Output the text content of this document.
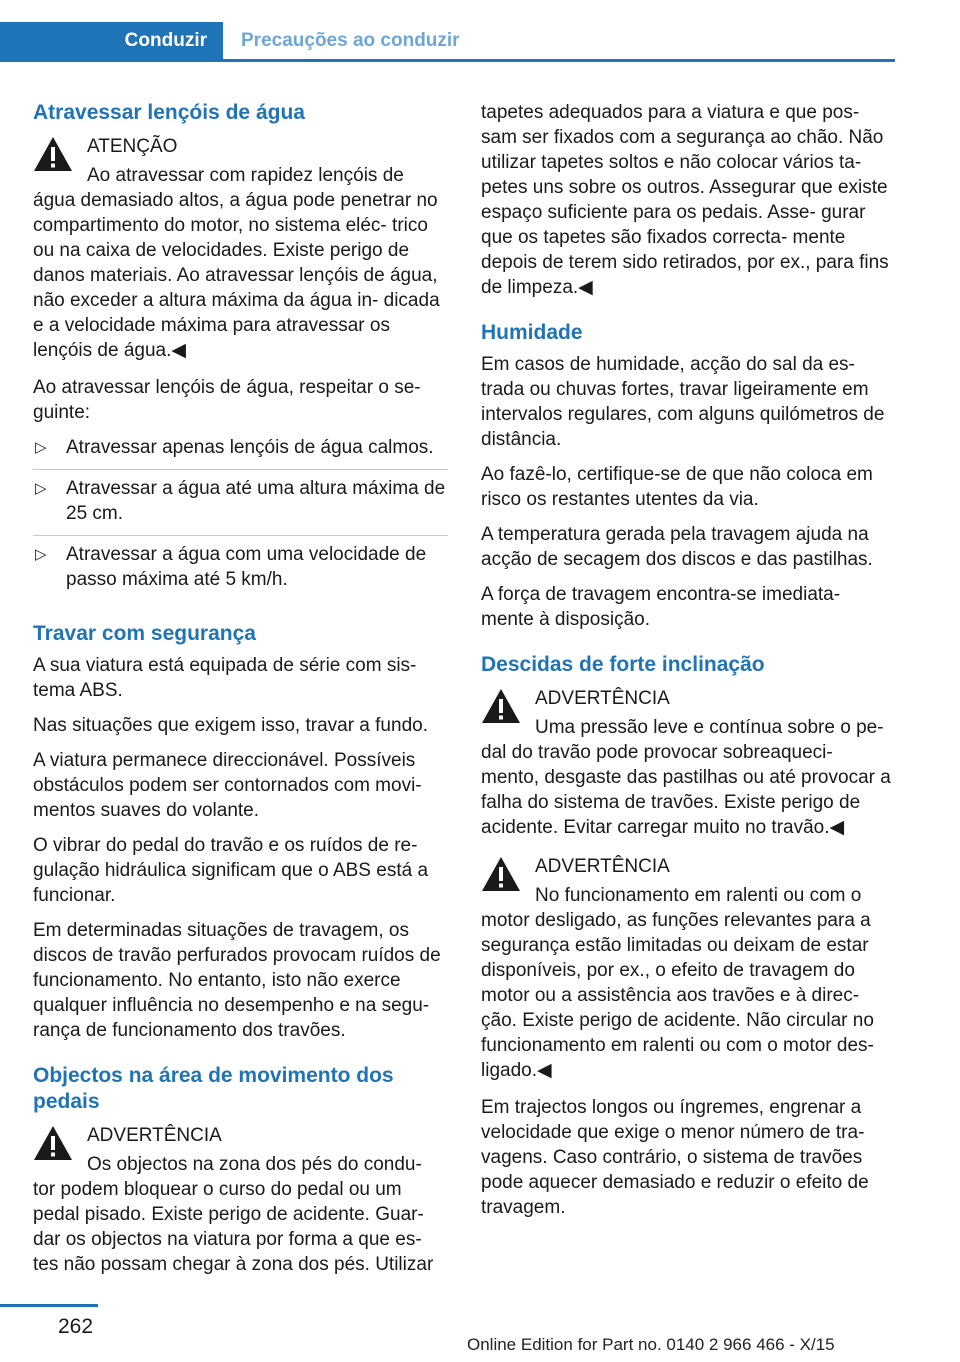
Conduzir	Precauções ao conduzir
Atravessar lençóis de água
ATENÇÃO
Ao atravessar com rapidez lençóis de água demasiado altos, a água pode penetrar no compartimento do motor, no sistema eléc- trico ou na caixa de velocidades. Existe perigo de danos materiais. Ao atravessar lençóis de água, não exceder a altura máxima da água in- dicada e a velocidade máxima para atravessar os lençóis de água.◀
Ao atravessar lençóis de água, respeitar o se- guinte:
▷ Atravessar apenas lençóis de água calmos.
▷ Atravessar a água até uma altura máxima de 25 cm.
▷ Atravessar a água com uma velocidade de passo máxima até 5 km/h.
Travar com segurança
A sua viatura está equipada de série com sis- tema ABS.
Nas situações que exigem isso, travar a fundo.
A viatura permanece direccionável. Possíveis obstáculos podem ser contornados com movi- mentos suaves do volante.
O vibrar do pedal do travão e os ruídos de re- gulação hidráulica significam que o ABS está a funcionar.
Em determinadas situações de travagem, os discos de travão perfurados provocam ruídos de funcionamento. No entanto, isto não exerce qualquer influência no desempenho e na segu- rança de funcionamento dos travões.
Objectos na área de movimento dos pedais
ADVERTÊNCIA
Os objectos na zona dos pés do condu- tor podem bloquear o curso do pedal ou um pedal pisado. Existe perigo de acidente. Guar- dar os objectos na viatura por forma a que es- tes não possam chegar à zona dos pés. Utilizar
tapetes adequados para a viatura e que pos- sam ser fixados com a segurança ao chão. Não utilizar tapetes soltos e não colocar vários ta- petes uns sobre os outros. Assegurar que existe espaço suficiente para os pedais. Asse- gurar que os tapetes são fixados correcta- mente depois de terem sido retirados, por ex., para fins de limpeza.◀
Humidade
Em casos de humidade, acção do sal da es- trada ou chuvas fortes, travar ligeiramente em intervalos regulares, com alguns quilómetros de distância.
Ao fazê-lo, certifique-se de que não coloca em risco os restantes utentes da via.
A temperatura gerada pela travagem ajuda na acção de secagem dos discos e das pastilhas.
A força de travagem encontra-se imediata- mente à disposição.
Descidas de forte inclinação
ADVERTÊNCIA
Uma pressão leve e contínua sobre o pe- dal do travão pode provocar sobreaqueci- mento, desgaste das pastilhas ou até provocar a falha do sistema de travões. Existe perigo de acidente. Evitar carregar muito no travão.◀
ADVERTÊNCIA
No funcionamento em ralenti ou com o motor desligado, as funções relevantes para a segurança estão limitadas ou deixam de estar disponíveis, por ex., o efeito de travagem do motor ou a assistência aos travões e à direc- ção. Existe perigo de acidente. Não circular no funcionamento em ralenti ou com o motor des- ligado.◀
Em trajectos longos ou íngremes, engrenar a velocidade que exige o menor número de tra- vagens. Caso contrário, o sistema de travões pode aquecer demasiado e reduzir o efeito de travagem.
262
Online Edition for Part no. 0140 2 966 466 - X/15
